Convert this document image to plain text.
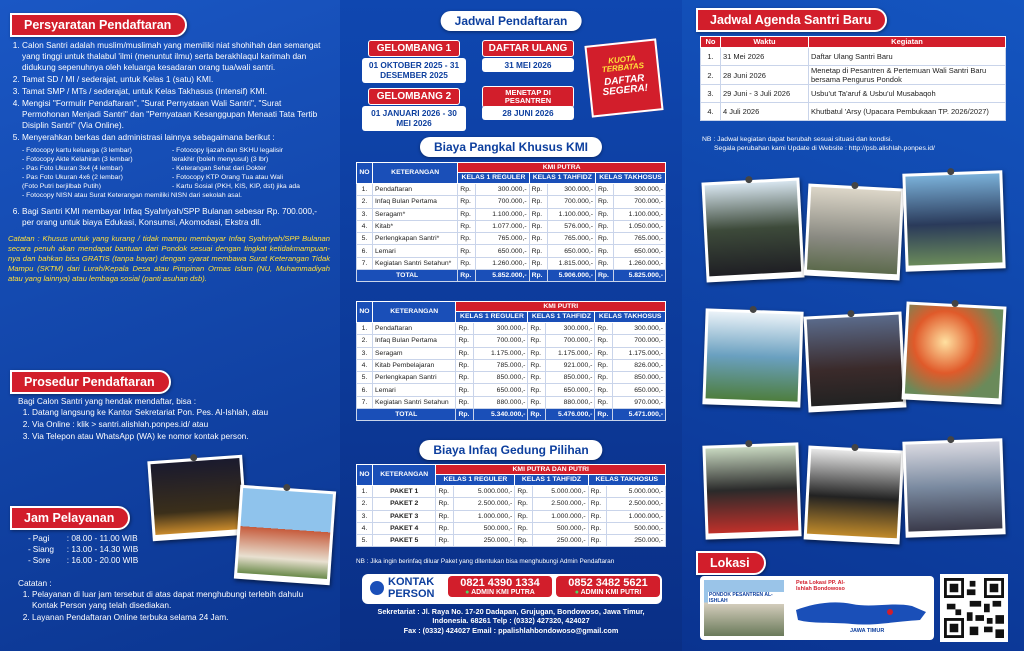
Persyaratan Pendaftaran
1. Calon Santri adalah muslim/muslimah yang memiliki niat shohihah dan semangat yang tinggi untuk thalabul 'ilmi (menuntut ilmu) serta berakhlaqul karimah dan didukung sepenuhnya oleh keluarga kesadaran orang tua/wali santri.
2. Tamat SD / MI / sederajat, untuk Kelas 1 (satu) KMI.
3. Tamat SMP / MTs / sederajat, untuk Kelas Takhasus (Intensif) KMI.
4. Mengisi "Formulir Pendaftaran", "Surat Pernyataan Wali Santri", "Surat Permohonan Menjadi Santri" dan "Pernyataan Kesanggupan Menaati Tata Tertib Disiplin Santri" (Via Online).
5. Menyerahkan berkas dan administrasi lainnya sebagaimana berikut :
- Fotocopy kartu keluarga (3 lembar)
- Fotocopy Akte Kelahiran (3 lembar)
- Pas Foto Ukuran 3x4 (4 lembar)
- Pas Foto Ukuran 4x6 (2 lembar)
(Foto Putri berjilbab Putih)
- Fotocopy NISN atau Surat Keterangan memiliki NISN dari sekolah asal.
- Fotocopy Ijazah dan SKHU legalisir
terakhir (boleh menyusul) (3 lbr)
- Keterangan Sehat dari Dokter
- Fotocopy KTP Orang Tua atau Wali
- Kartu Sosial (PKH, KIS, KIP, dst) jika ada
6. Bagi Santri KMI membayar Infaq Syahriyah/SPP Bulanan sebesar Rp. 700.000,- per orang untuk biaya Edukasi, Konsumsi, Akomodasi, Ekstra dll.

Catatan : Khusus untuk yang kurang / tidak mampu membayar Infaq Syahriyah/SPP Bulanan secara penuh akan mendapat bantuan dari Pondok sesuai dengan tingkat ketidakmampuan-nya dan bahkan bisa GRATIS (tanpa bayar) dengan syarat membawa Surat Keterangan Tidak Mampu (SKTM) dari Lurah/Kepala Desa atau Pimpinan Ormas Islam (NU, Muhammadiyah atau yang lainnya) atau lembaga sosial (panti asuhan dsb).

Prosedur Pendaftaran

Bagi Calon Santri yang hendak mendaftar, bisa :

1. Datang langsung ke Kantor Sekretariat Pon. Pes. Al-Ishlah, atau
2. Via Online : klik > santri.alishlah.ponpes.id/ atau
3. Via Telepon atau WhatsApp (WA) ke nomor kontak person.
Jam Pelayanan
- Pagi	: 08.00 - 11.00 WIB
- Siang	: 13.00 - 14.30 WIB
- Sore	: 16.00 - 20.00 WIB

Catatan :

1. Pelayanan di luar jam tersebut di atas dapat menghubungi terlebih dahulu Kontak Person yang telah disediakan.
2. Layanan Pendaftaran Online terbuka selama 24 Jam.
Jadwal Pendaftaran
GELOMBANG 1
01 OKTOBER 2025 - 31 DESEMBER 2025
GELOMBANG 2
01 JANUARI 2026 - 30 MEI 2026
DAFTAR ULANG
31 MEI 2026
MENETAP DI PESANTREN
28 JUNI 2026
KUOTA TERBATAS
DAFTAR SEGERA!
Biaya Pangkal Khusus KMI
NO	KETERANGAN	KMI PUTRA					
		KELAS 1 REGULER		KELAS 1 TAHFIDZ		KELAS TAKHOSUS	
1.	Pendaftaran	Rp.	300.000,-	Rp.	300.000,-	Rp.	300.000,-
2.	Infaq Bulan Pertama	Rp.	700.000,-	Rp.	700.000,-	Rp.	700.000,-
3.	Seragam*	Rp.	1.100.000,-	Rp.	1.100.000,-	Rp.	1.100.000,-
4.	Kitab*	Rp.	1.077.000,-	Rp.	576.000,-	Rp.	1.050.000,-
5.	Perlengkapan Santri*	Rp.	765.000,-	Rp.	765.000,-	Rp.	765.000,-
6.	Lemari	Rp.	650.000,-	Rp.	650.000,-	Rp.	650.000,-
7.	Kegiatan Santri Setahun*	Rp.	1.260.000,-	Rp.	1.815.000,-	Rp.	1.260.000,-
TOTAL		Rp.	5.852.000,-	Rp.	5.906.000,-	Rp.	5.825.000,-
NO	KETERANGAN	KMI PUTRI					
		KELAS 1 REGULER		KELAS 1 TAHFIDZ		KELAS TAKHOSUS	
1.	Pendaftaran	Rp.	300.000,-	Rp.	300.000,-	Rp.	300.000,-
2.	Infaq Bulan Pertama	Rp.	700.000,-	Rp.	700.000,-	Rp.	700.000,-
3.	Seragam	Rp.	1.175.000,-	Rp.	1.175.000,-	Rp.	1.175.000,-
4.	Kitab Pembelajaran	Rp.	785.000,-	Rp.	921.000,-	Rp.	826.000,-
5.	Perlengkapan Santri	Rp.	850.000,-	Rp.	850.000,-	Rp.	850.000,-
6.	Lemari	Rp.	650.000,-	Rp.	650.000,-	Rp.	650.000,-
7.	Kegiatan Santri Setahun	Rp.	880.000,-	Rp.	880.000,-	Rp.	970.000,-
TOTAL		Rp.	5.340.000,-	Rp.	5.476.000,-	Rp.	5.471.000,-
Biaya Infaq Gedung Pilihan
NO	KETERANGAN	KMI PUTRA DAN PUTRI					
		KELAS 1 REGULER		KELAS 1 TAHFIDZ		KELAS TAKHOSUS	
1.	PAKET 1	Rp.	5.000.000,-	Rp.	5.000.000,-	Rp.	5.000.000,-
2.	PAKET 2	Rp.	2.500.000,-	Rp.	2.500.000,-	Rp.	2.500.000,-
3.	PAKET 3	Rp.	1.000.000,-	Rp.	1.000.000,-	Rp.	1.000.000,-
4.	PAKET 4	Rp.	500.000,-	Rp.	500.000,-	Rp.	500.000,-
5.	PAKET 5	Rp.	250.000,-	Rp.	250.000,-	Rp.	250.000,-
NB : Jika ingin berinfaq diluar Paket yang ditentukan bisa menghubungi Admin Pendaftaran
KONTAK
PERSON
0821 4390 1334
● ADMIN KMI PUTRA
0852 3482 5621
● ADMIN KMI PUTRI
Sekretariat : Jl. Raya No. 17-20 Dadapan, Grujugan, Bondowoso, Jawa Timur, Indonesia. 68261 Telp : (0332) 427320, 424027
Fax : (0332) 424027 Email : ppalishlahbondowoso@gmail.com
Jadwal Agenda Santri Baru
No	Waktu	Kegiatan
1.	31 Mei 2026	Daftar Ulang Santri Baru
2.	28 Juni 2026	Menetap di Pesantren & Pertemuan Wali Santri Baru bersama Pengurus Pondok
3.	29 Juni - 3 Juli 2026	Usbu'ut Ta'aruf & Usbu'ul Musabaqoh
4.	4 Juli 2026	Khutbatul 'Arsy (Upacara Pembukaan TP. 2026/2027)
NB : Jadwal kegiatan dapat berubah sesuai situasi dan kondisi.
Segala perubahan kami Update di Website : http://psb.alishlah.ponpes.id/
Lokasi
PONDOK PESANTREN AL-ISHLAH
Peta Lokasi PP. Al-Ishlah Bondowoso
JAWA TIMUR
